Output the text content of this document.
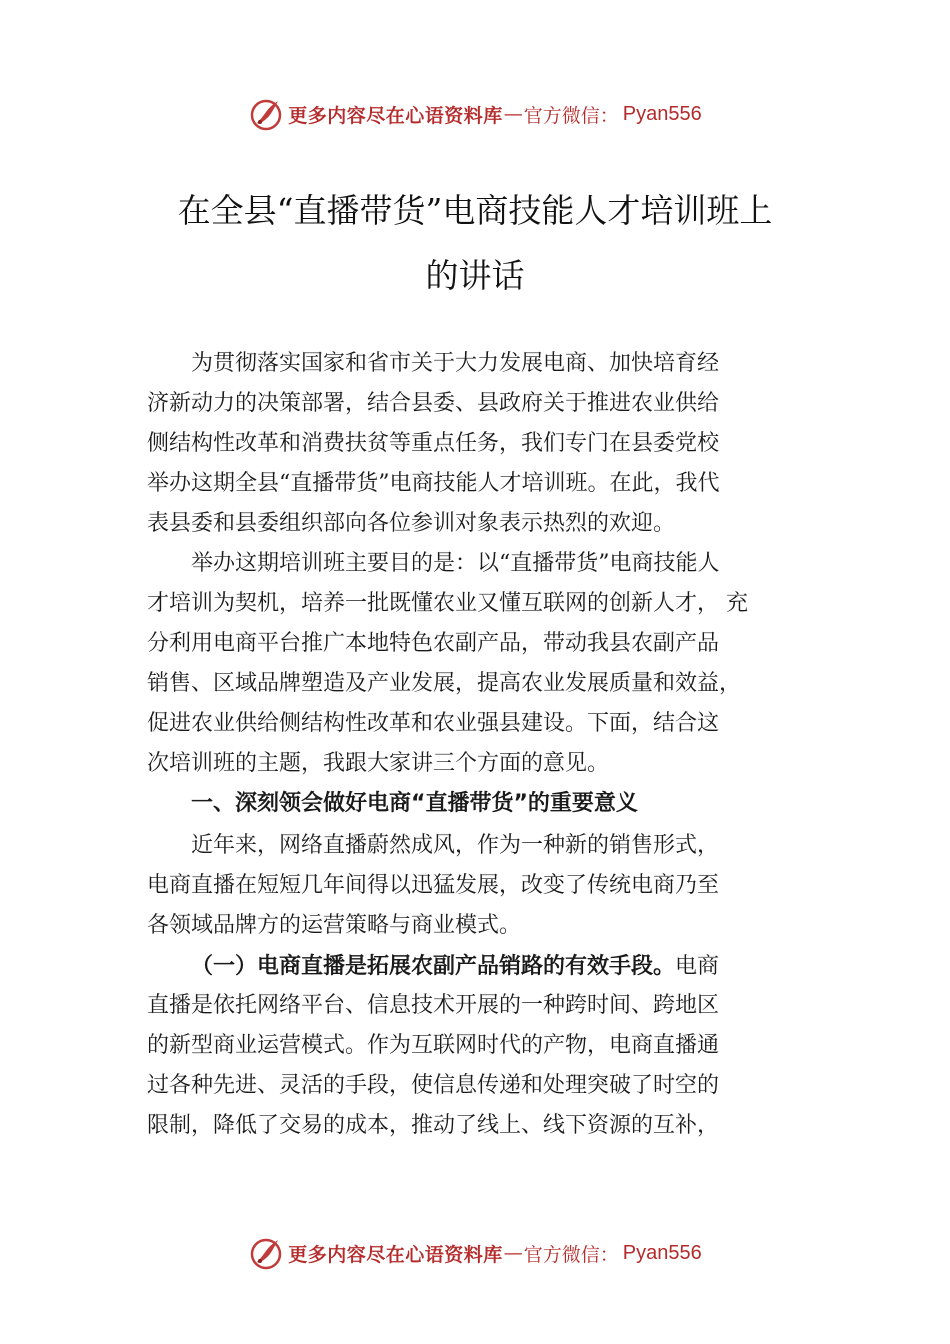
更多内容尽在心语资料库 — 官方微信： Pyan556
在全县“直播带货”电商技能人才培训班上
的讲话
为贯彻落实国家和省市关于大力发展电商、加快培育经
济新动力的决策部署，结合县委、县政府关于推进农业供给
侧结构性改革和消费扶贫等重点任务，我们专门在县委党校
举办这期全县“直播带货”电商技能人才培训班。在此，我代
表县委和县委组织部向各位参训对象表示热烈的欢迎。
举办这期培训班主要目的是：以“直播带货”电商技能人
才培训为契机，培养一批既懂农业又懂互联网的创新人才， 充
分利用电商平台推广本地特色农副产品，带动我县农副产品
销售、区域品牌塑造及产业发展，提高农业发展质量和效益，
促进农业供给侧结构性改革和农业强县建设。下面，结合这
次培训班的主题，我跟大家讲三个方面的意见。
一、深刻领会做好电商“直播带货”的重要意义
近年来，网络直播蔚然成风，作为一种新的销售形式，
电商直播在短短几年间得以迅猛发展，改变了传统电商乃至
各领域品牌方的运营策略与商业模式。
（一）电商直播是拓展农副产品销路的有效手段。电商
直播是依托网络平台、信息技术开展的一种跨时间、跨地区
的新型商业运营模式。作为互联网时代的产物，电商直播通
过各种先进、灵活的手段，使信息传递和处理突破了时空的
限制，降低了交易的成本，推动了线上、线下资源的互补，
更多内容尽在心语资料库 — 官方微信： Pyan556
